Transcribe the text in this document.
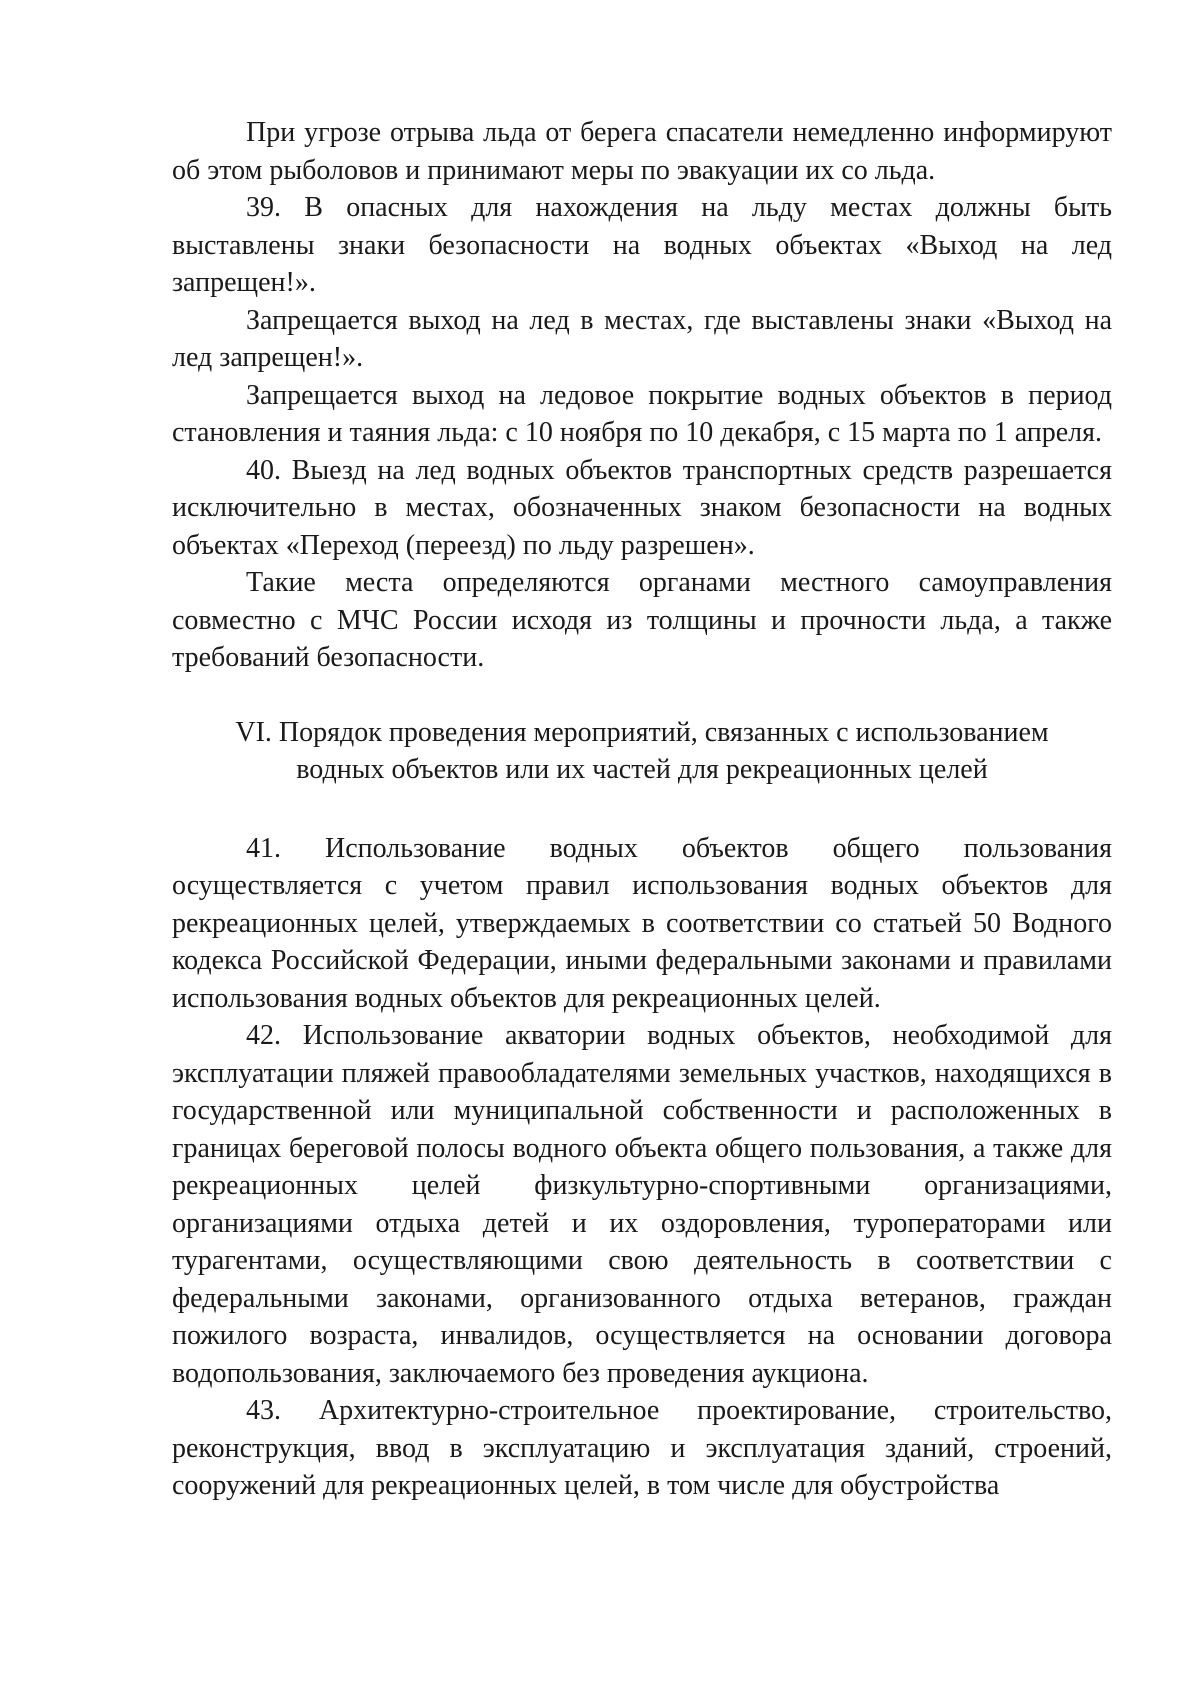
При угрозе отрыва льда от берега спасатели немедленно информируют об этом рыболовов и принимают меры по эвакуации их со льда.

39. В опасных для нахождения на льду местах должны быть выставлены знаки безопасности на водных объектах «Выход на лед запрещен!».

Запрещается выход на лед в местах, где выставлены знаки «Выход на лед запрещен!».

Запрещается выход на ледовое покрытие водных объектов в период становления и таяния льда: с 10 ноября по 10 декабря, с 15 марта по 1 апреля.

40. Выезд на лед водных объектов транспортных средств разрешается исключительно в местах, обозначенных знаком безопасности на водных объектах «Переход (переезд) по льду разрешен».

Такие места определяются органами местного самоуправления совместно с МЧС России исходя из толщины и прочности льда, а также требований безопасности.

VI. Порядок проведения мероприятий, связанных с использованием
водных объектов или их частей для рекреационных целей

41. Использование водных объектов общего пользования осуществляется с учетом правил использования водных объектов для рекреационных целей, утверждаемых в соответствии со статьей 50 Водного кодекса Российской Федерации, иными федеральными законами и правилами использования водных объектов для рекреационных целей.

42. Использование акватории водных объектов, необходимой для эксплуатации пляжей правообладателями земельных участков, находящихся в государственной или муниципальной собственности и расположенных в границах береговой полосы водного объекта общего пользования, а также для рекреационных целей физкультурно-спортивными организациями, организациями отдыха детей и их оздоровления, туроператорами или турагентами, осуществляющими свою деятельность в соответствии с федеральными законами, организованного отдыха ветеранов, граждан пожилого возраста, инвалидов, осуществляется на основании договора водопользования, заключаемого без проведения аукциона.

43. Архитектурно-строительное проектирование, строительство, реконструкция, ввод в эксплуатацию и эксплуатация зданий, строений, сооружений для рекреационных целей, в том числе для обустройства
